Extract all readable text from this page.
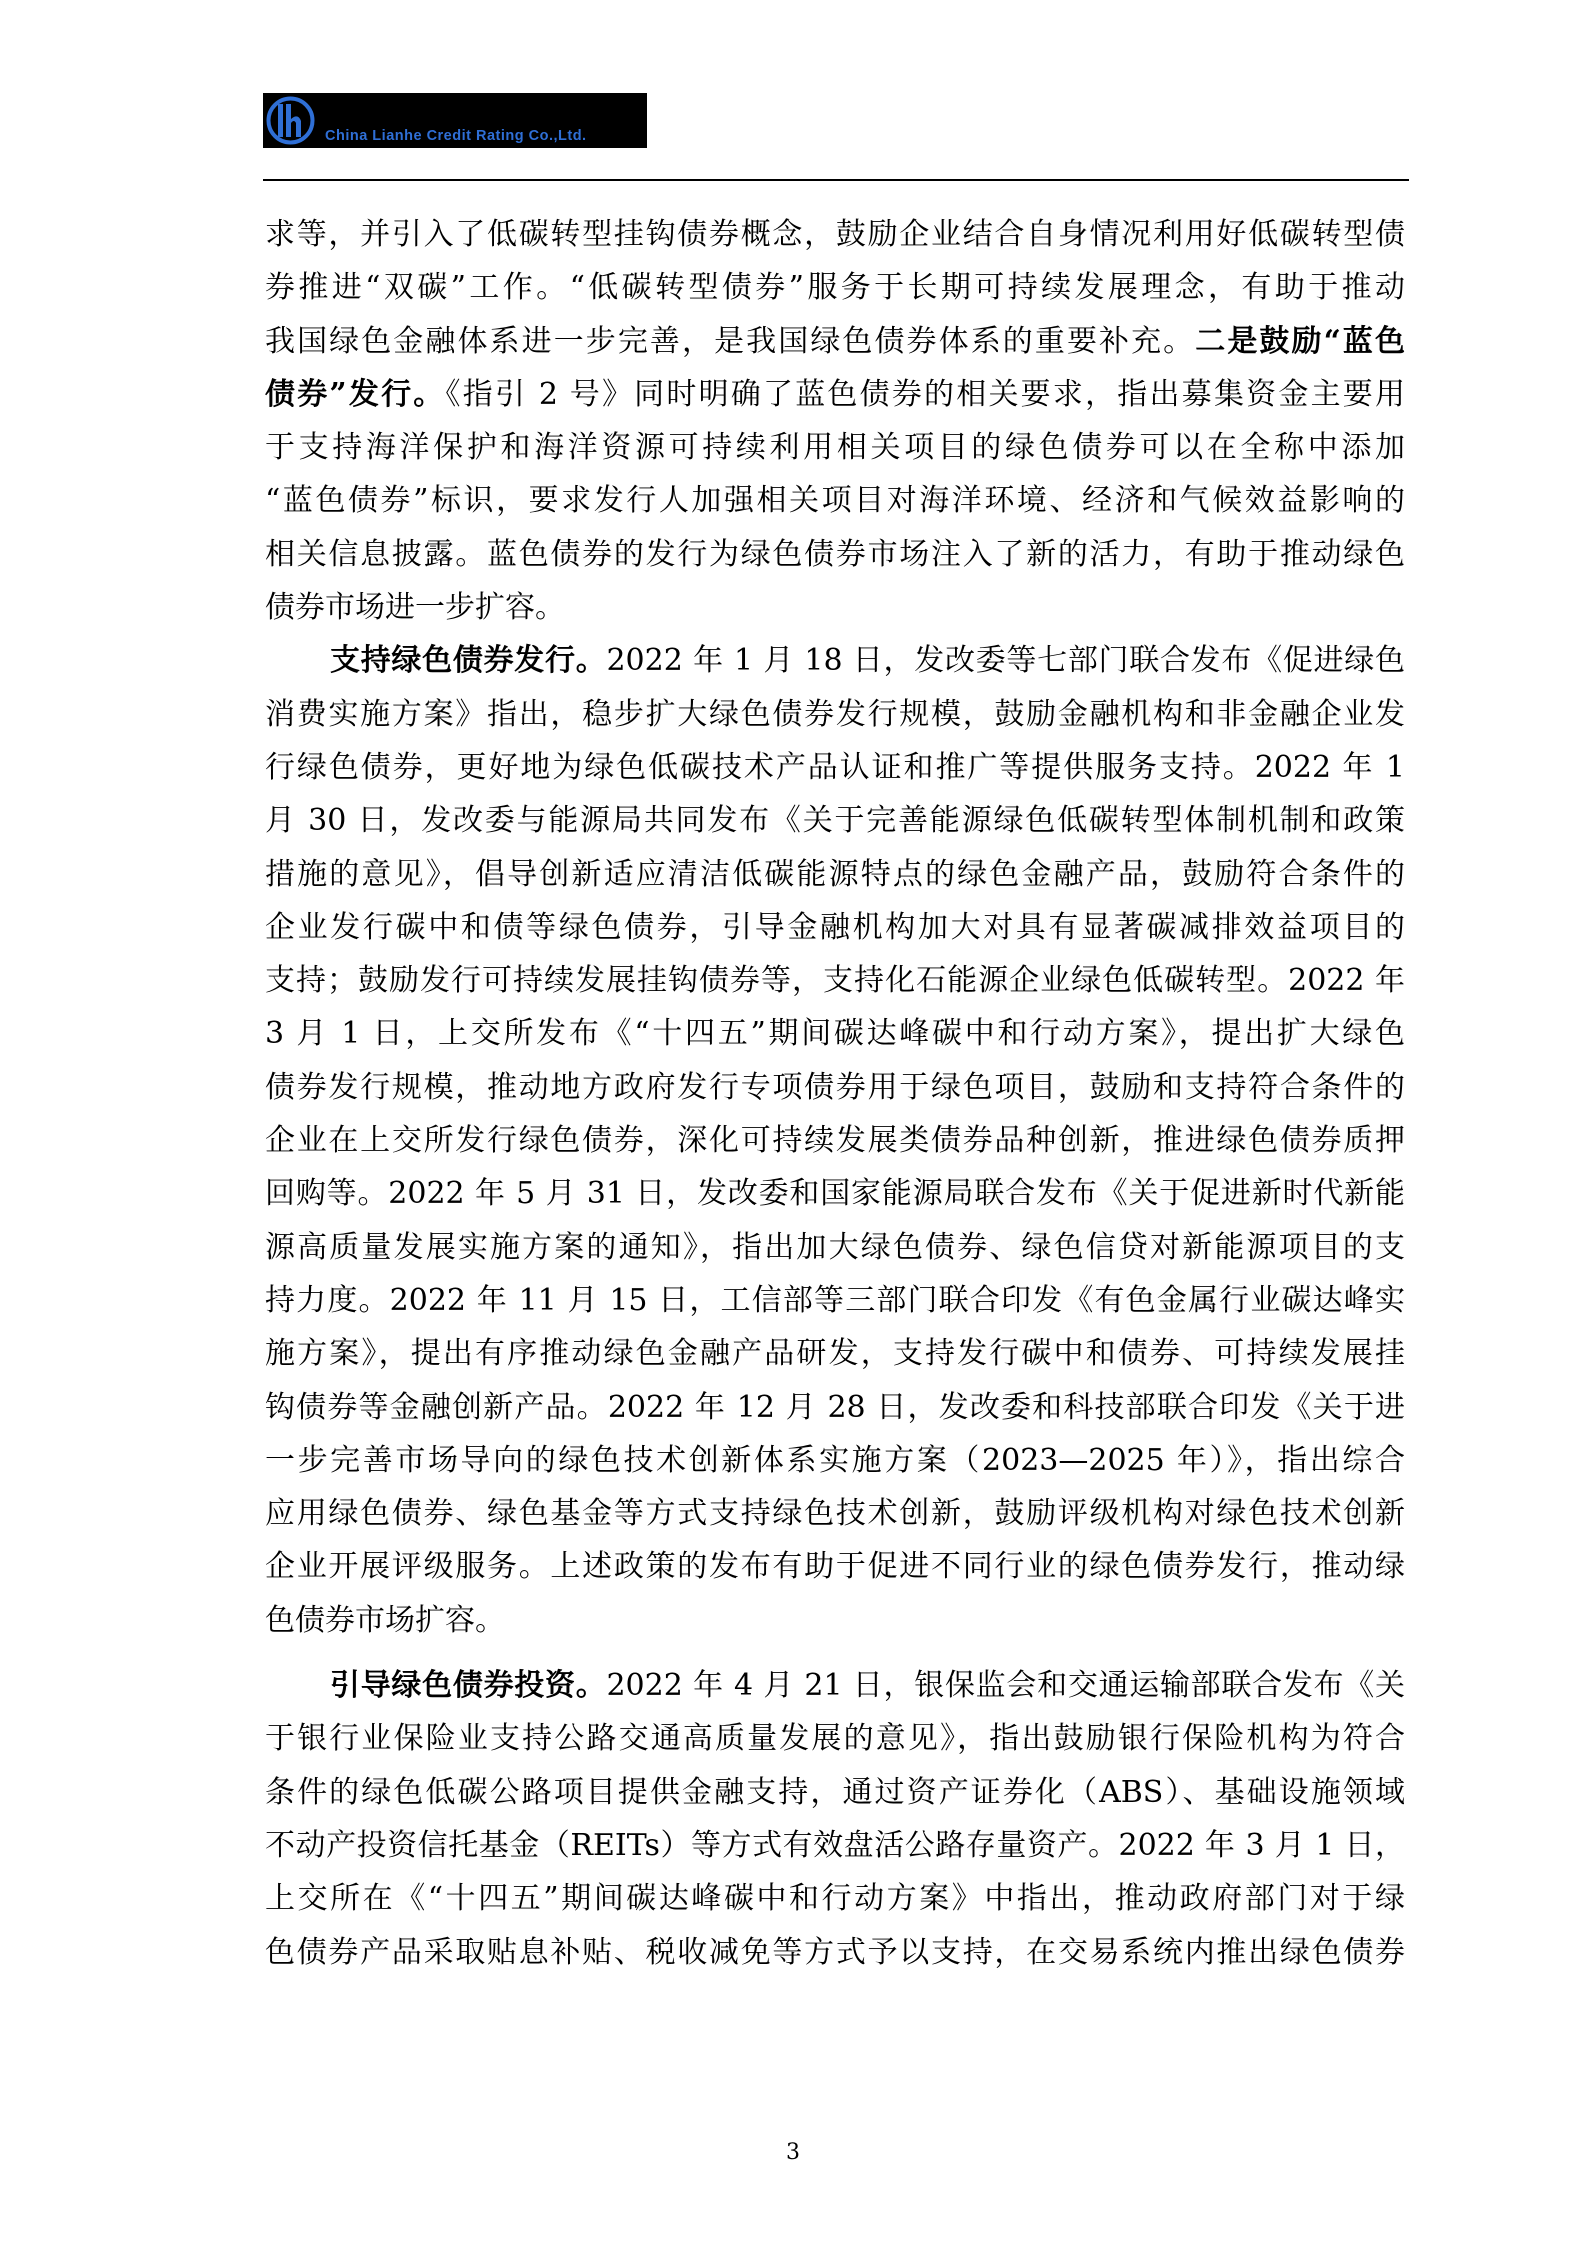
China Lianhe Credit Rating Co.,Ltd.
求等，并引入了低碳转型挂钩债券概念，鼓励企业结合自身情况利用好低碳转型债
券推进“双碳”工作。“低碳转型债券”服务于长期可持续发展理念，有助于推动
我国绿色金融体系进一步完善，是我国绿色债券体系的重要补充。二是鼓励“蓝色
债券”发行。《指引 2 号》同时明确了蓝色债券的相关要求，指出募集资金主要用
于支持海洋保护和海洋资源可持续利用相关项目的绿色债券可以在全称中添加
“蓝色债券”标识，要求发行人加强相关项目对海洋环境、经济和气候效益影响的
相关信息披露。蓝色债券的发行为绿色债券市场注入了新的活力，有助于推动绿色
债券市场进一步扩容。
支持绿色债券发行。2022 年 1 月 18 日，发改委等七部门联合发布《促进绿色
消费实施方案》指出，稳步扩大绿色债券发行规模，鼓励金融机构和非金融企业发
行绿色债券，更好地为绿色低碳技术产品认证和推广等提供服务支持。2022 年 1
月 30 日，发改委与能源局共同发布《关于完善能源绿色低碳转型体制机制和政策
措施的意见》，倡导创新适应清洁低碳能源特点的绿色金融产品，鼓励符合条件的
企业发行碳中和债等绿色债券，引导金融机构加大对具有显著碳减排效益项目的
支持；鼓励发行可持续发展挂钩债券等，支持化石能源企业绿色低碳转型。2022 年
3 月 1 日，上交所发布《“十四五”期间碳达峰碳中和行动方案》，提出扩大绿色
债券发行规模，推动地方政府发行专项债券用于绿色项目，鼓励和支持符合条件的
企业在上交所发行绿色债券，深化可持续发展类债券品种创新，推进绿色债券质押
回购等。2022 年 5 月 31 日，发改委和国家能源局联合发布《关于促进新时代新能
源高质量发展实施方案的通知》，指出加大绿色债券、绿色信贷对新能源项目的支
持力度。2022 年 11 月 15 日，工信部等三部门联合印发《有色金属行业碳达峰实
施方案》，提出有序推动绿色金融产品研发，支持发行碳中和债券、可持续发展挂
钩债券等金融创新产品。2022 年 12 月 28 日，发改委和科技部联合印发《关于进
一步完善市场导向的绿色技术创新体系实施方案（2023—2025 年）》，指出综合
应用绿色债券、绿色基金等方式支持绿色技术创新，鼓励评级机构对绿色技术创新
企业开展评级服务。上述政策的发布有助于促进不同行业的绿色债券发行，推动绿
色债券市场扩容。
引导绿色债券投资。2022 年 4 月 21 日，银保监会和交通运输部联合发布《关
于银行业保险业支持公路交通高质量发展的意见》，指出鼓励银行保险机构为符合
条件的绿色低碳公路项目提供金融支持，通过资产证券化（ABS）、基础设施领域
不动产投资信托基金（REITs）等方式有效盘活公路存量资产。2022 年 3 月 1 日，
上交所在《“十四五”期间碳达峰碳中和行动方案》中指出，推动政府部门对于绿
色债券产品采取贴息补贴、税收减免等方式予以支持，在交易系统内推出绿色债券
3
